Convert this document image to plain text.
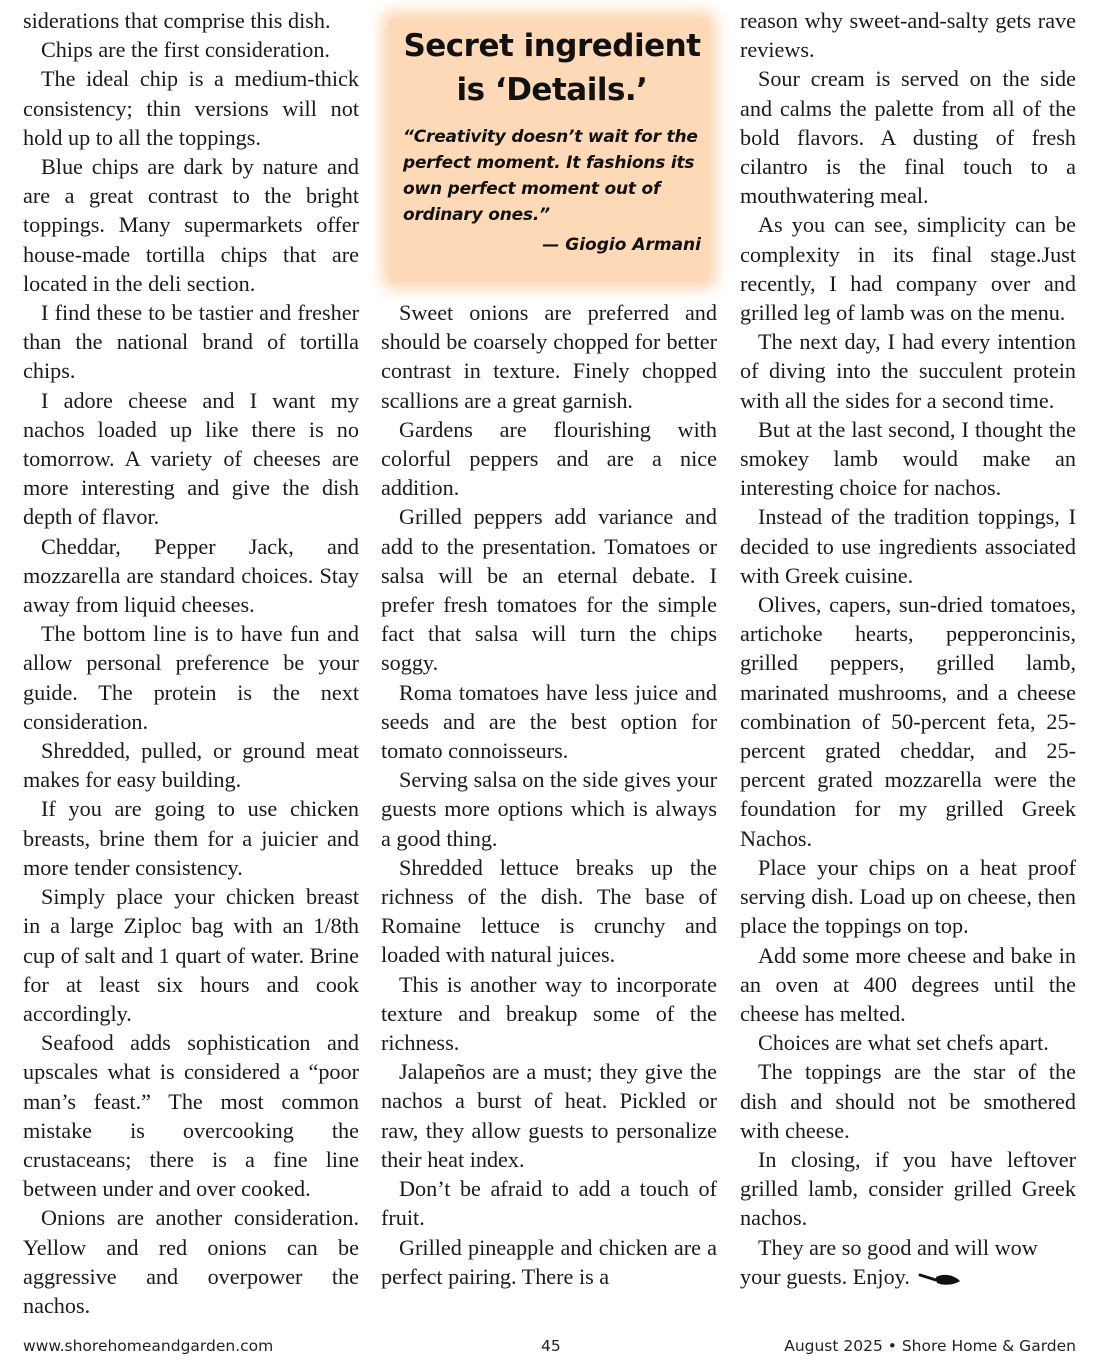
siderations that comprise this dish.

Chips are the first consideration.

The ideal chip is a medium-thick consistency; thin versions will not hold up to all the toppings.

Blue chips are dark by nature and are a great contrast to the bright toppings. Many supermarkets offer house-made tortilla chips that are located in the deli section.

I find these to be tastier and fresher than the national brand of tortilla chips.

I adore cheese and I want my nachos loaded up like there is no tomorrow. A variety of cheeses are more interesting and give the dish depth of flavor.

Cheddar, Pepper Jack, and mozzarella are standard choices. Stay away from liquid cheeses.

The bottom line is to have fun and allow personal preference be your guide. The protein is the next consideration.

Shredded, pulled, or ground meat makes for easy building.

If you are going to use chicken breasts, brine them for a juicier and more tender consistency.

Simply place your chicken breast in a large Ziploc bag with an 1/8th cup of salt and 1 quart of water. Brine for at least six hours and cook accordingly.

Seafood adds sophistication and upscales what is considered a “poor man’s feast.” The most common mistake is overcooking the crustaceans; there is a fine line between under and over cooked.

Onions are another consideration. Yellow and red onions can be aggressive and overpower the nachos.

Secret ingredient is ‘Details.’
“Creativity doesn’t wait for the perfect moment. It fashions its own perfect moment out of ordinary ones.”
— Giogio Armani

Sweet onions are preferred and should be coarsely chopped for better contrast in texture. Finely chopped scallions are a great garnish.

Gardens are flourishing with colorful peppers and are a nice addition.

Grilled peppers add variance and add to the presentation. Tomatoes or salsa will be an eternal debate. I prefer fresh tomatoes for the simple fact that salsa will turn the chips soggy.

Roma tomatoes have less juice and seeds and are the best option for tomato connoisseurs.

Serving salsa on the side gives your guests more options which is always a good thing.

Shredded lettuce breaks up the richness of the dish. The base of Romaine lettuce is crunchy and loaded with natural juices.

This is another way to incorporate texture and breakup some of the richness.

Jalapeños are a must; they give the nachos a burst of heat. Pickled or raw, they allow guests to personalize their heat index.

Don’t be afraid to add a touch of fruit.

Grilled pineapple and chicken are a perfect pairing. There is a

reason why sweet-and-salty gets rave reviews.

Sour cream is served on the side and calms the palette from all of the bold flavors. A dusting of fresh cilantro is the final touch to a mouthwatering meal.

As you can see, simplicity can be complexity in its final stage.Just recently, I had company over and grilled leg of lamb was on the menu.

The next day, I had every intention of diving into the succulent protein with all the sides for a second time.

But at the last second, I thought the smokey lamb would make an interesting choice for nachos.

Instead of the tradition toppings, I decided to use ingredients associated with Greek cuisine.

Olives, capers, sun-dried tomatoes, artichoke hearts, pepperoncinis, grilled peppers, grilled lamb, marinated mushrooms, and a cheese combination of 50-percent feta, 25-percent grated cheddar, and 25-percent grated mozzarella were the foundation for my grilled Greek Nachos.

Place your chips on a heat proof serving dish. Load up on cheese, then place the toppings on top.

Add some more cheese and bake in an oven at 400 degrees until the cheese has melted.

Choices are what set chefs apart.

The toppings are the star of the dish and should not be smothered with cheese.

In closing, if you have leftover grilled lamb, consider grilled Greek nachos.

They are so good and will wow your guests. Enjoy.

www.shorehomeandgarden.com	45	August 2025 • Shore Home & Garden
